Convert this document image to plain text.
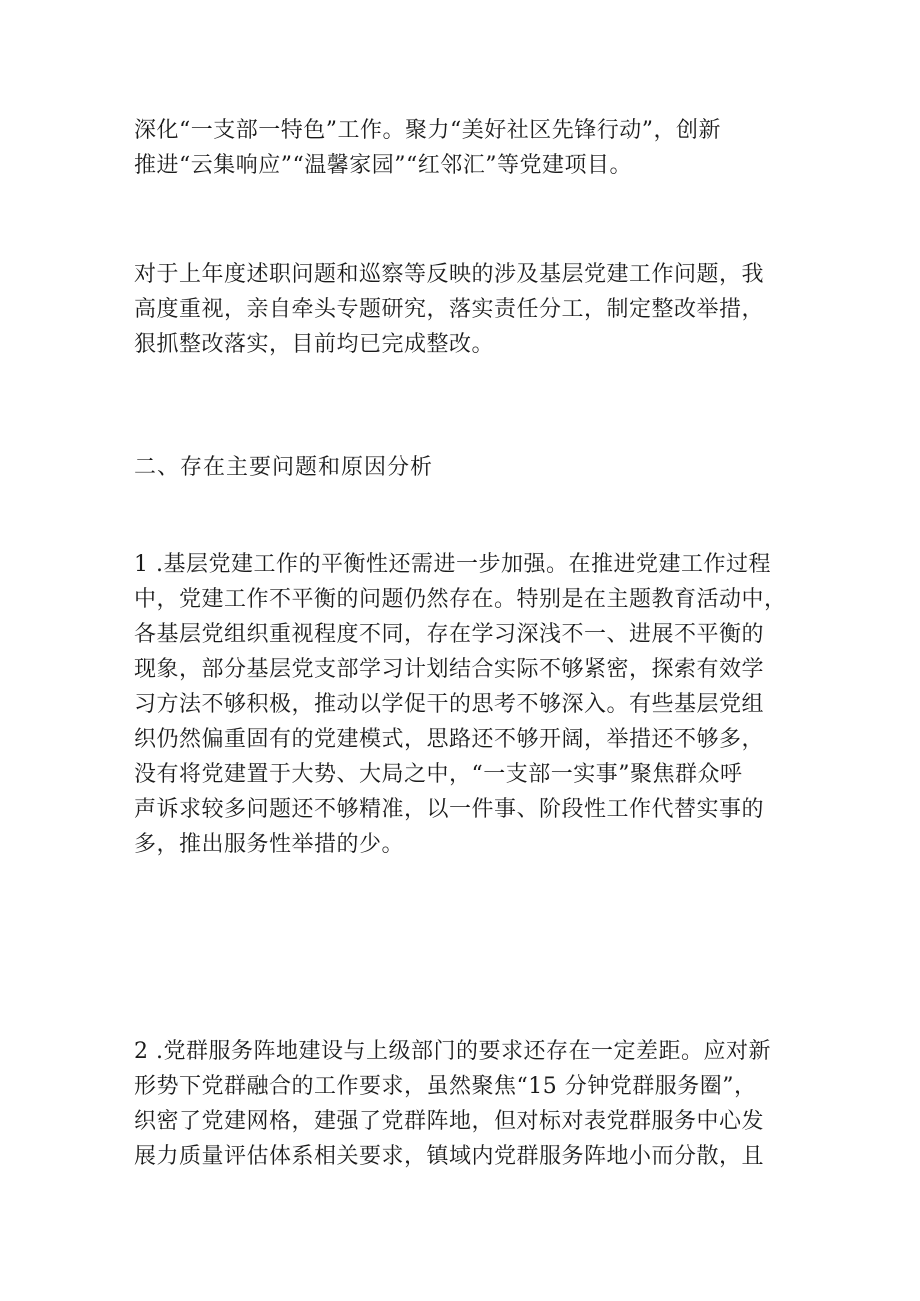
深化“一支部一特色”工作。聚力“美好社区先锋行动”，创新
推进“云集响应”“温馨家园”“红邻汇”等党建项目。

对于上年度述职问题和巡察等反映的涉及基层党建工作问题，我
高度重视，亲自牵头专题研究，落实责任分工，制定整改举措，
狠抓整改落实，目前均已完成整改。

二、存在主要问题和原因分析

1 .基层党建工作的平衡性还需进一步加强。在推进党建工作过程
中，党建工作不平衡的问题仍然存在。特别是在主题教育活动中，
各基层党组织重视程度不同，存在学习深浅不一、进展不平衡的
现象，部分基层党支部学习计划结合实际不够紧密，探索有效学
习方法不够积极，推动以学促干的思考不够深入。有些基层党组
织仍然偏重固有的党建模式，思路还不够开阔，举措还不够多，
没有将党建置于大势、大局之中，“一支部一实事”聚焦群众呼
声诉求较多问题还不够精准，以一件事、阶段性工作代替实事的
多，推出服务性举措的少。

2 .党群服务阵地建设与上级部门的要求还存在一定差距。应对新
形势下党群融合的工作要求，虽然聚焦“15 分钟党群服务圈”，
织密了党建网格，建强了党群阵地，但对标对表党群服务中心发
展力质量评估体系相关要求，镇域内党群服务阵地小而分散，且
